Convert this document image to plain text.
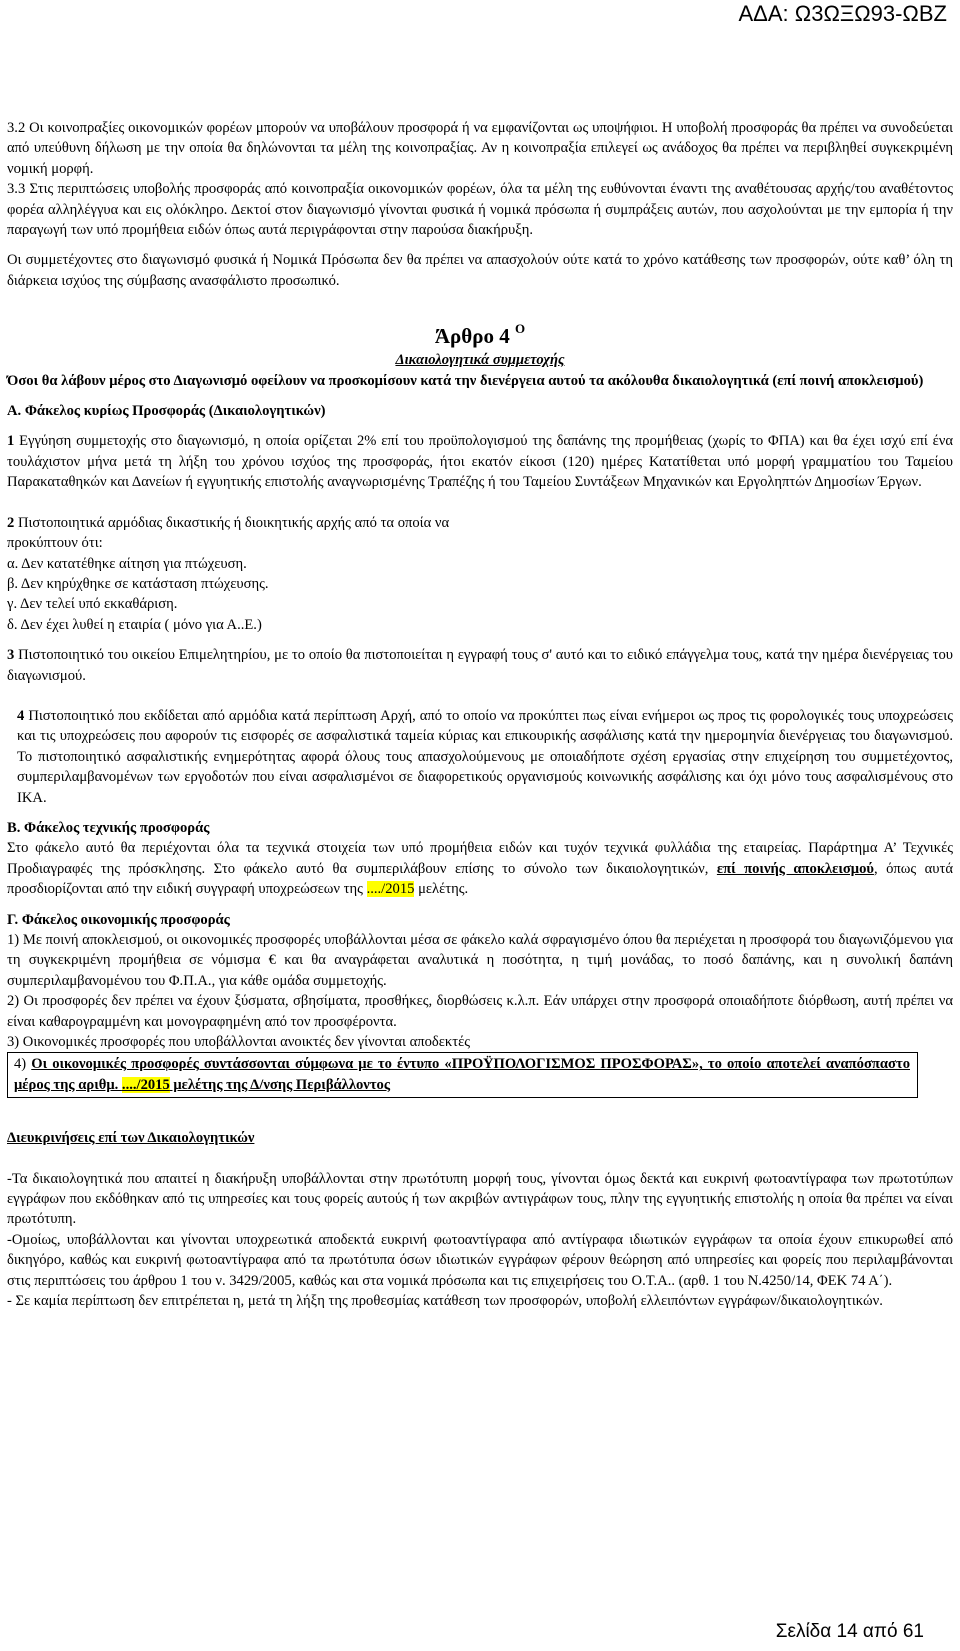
ΑΔΑ: Ω3ΩΞΩ93-ΩΒΖ

3.2 Οι κοινοπραξίες οικονομικών φορέων μπορούν να υποβάλουν προσφορά ή να εμφανίζονται ως υποψήφιοι. Η υποβολή προσφοράς θα πρέπει να συνοδεύεται από υπεύθυνη δήλωση με την οποία θα δηλώνονται τα μέλη της κοινοπραξίας. Αν η κοινοπραξία επιλεγεί ως ανάδοχος θα πρέπει να περιβληθεί συγκεκριμένη νομική μορφή.

3.3 Στις περιπτώσεις υποβολής προσφοράς από κοινοπραξία οικονομικών φορέων, όλα τα μέλη της ευθύνονται έναντι της αναθέτουσας αρχής/του αναθέτοντος φορέα αλληλέγγυα και εις ολόκληρο. Δεκτοί στον διαγωνισμό γίνονται φυσικά ή νομικά πρόσωπα ή συμπράξεις αυτών, που ασχολούνται με την εμπορία ή την παραγωγή των υπό προμήθεια ειδών όπως αυτά περιγράφονται στην παρούσα διακήρυξη.

Οι συμμετέχοντες στο διαγωνισμό φυσικά ή Νομικά Πρόσωπα δεν θα πρέπει να απασχολούν ούτε κατά το χρόνο κατάθεσης των προσφορών, ούτε καθ’ όλη τη διάρκεια ισχύος της σύμβασης ανασφάλιστο προσωπικό.

Άρθρο 4 $^O$
Δικαιολογητικά συμμετοχής

Όσοι θα λάβουν μέρος στο Διαγωνισμό οφείλουν να προσκομίσουν κατά την διενέργεια αυτού τα ακόλουθα δικαιολογητικά (επί ποινή αποκλεισμού)

Α. Φάκελος κυρίως Προσφοράς (Δικαιολογητικών)

1 Εγγύηση συμμετοχής στο διαγωνισμό, η οποία ορίζεται 2% επί του προϋπολογισμού της δαπάνης της προμήθειας (χωρίς το ΦΠΑ) και θα έχει ισχύ επί ένα τουλάχιστον μήνα μετά τη λήξη του χρόνου ισχύος της προσφοράς, ήτοι εκατόν είκοσι (120) ημέρες Κατατίθεται υπό μορφή γραμματίου του Ταμείου Παρακαταθηκών και Δανείων ή εγγυητικής επιστολής αναγνωρισμένης Τραπέζης ή του Ταμείου Συντάξεων Μηχανικών και Εργοληπτών Δημοσίων Έργων.

2 Πιστοποιητικά αρμόδιας δικαστικής ή διοικητικής αρχής από τα οποία να

προκύπτουν ότι:

α. Δεν κατατέθηκε αίτηση για πτώχευση.

β. Δεν κηρύχθηκε σε κατάσταση πτώχευσης.

γ. Δεν τελεί υπό εκκαθάριση.

δ. Δεν έχει λυθεί η εταιρία ( μόνο για Α..Ε.)

3 Πιστοποιητικό του οικείου Επιμελητηρίου, με το οποίο θα πιστοποιείται η εγγραφή τους σ' αυτό και το ειδικό επάγγελμα τους, κατά την ημέρα διενέργειας του διαγωνισμού.

4 Πιστοποιητικό που εκδίδεται από αρμόδια κατά περίπτωση Αρχή, από το οποίο να προκύπτει πως είναι ενήμεροι ως προς τις φορολογικές τους υποχρεώσεις και τις υποχρεώσεις που αφορούν τις εισφορές σε ασφαλιστικά ταμεία κύριας και επικουρικής ασφάλισης κατά την ημερομηνία διενέργειας του διαγωνισμού. Το πιστοποιητικό ασφαλιστικής ενημερότητας αφορά όλους τους απασχολούμενους με οποιαδήποτε σχέση εργασίας στην επιχείρηση του συμμετέχοντος, συμπεριλαμβανομένων των εργοδοτών που είναι ασφαλισμένοι σε διαφορετικούς οργανισμούς κοινωνικής ασφάλισης και όχι μόνο τους ασφαλισμένους στο ΙΚΑ.

Β. Φάκελος τεχνικής προσφοράς

Στο φάκελο αυτό θα περιέχονται όλα τα τεχνικά στοιχεία των υπό προμήθεια ειδών και τυχόν τεχνικά φυλλάδια της εταιρείας. Παράρτημα Α’ Τεχνικές Προδιαγραφές της πρόσκλησης. Στο φάκελο αυτό θα συμπεριλάβουν επίσης το σύνολο των δικαιολογητικών, επί ποινής αποκλεισμού, όπως αυτά προσδιορίζονται από την ειδική συγγραφή υποχρεώσεων της ..../2015 μελέτης.

Γ. Φάκελος οικονομικής προσφοράς

1) Με ποινή αποκλεισμού, οι οικονομικές προσφορές υποβάλλονται μέσα σε φάκελο καλά σφραγισμένο όπου θα περιέχεται η προσφορά του διαγωνιζόμενου για τη συγκεκριμένη προμήθεια σε νόμισμα € και θα αναγράφεται αναλυτικά η ποσότητα, η τιμή μονάδας, το ποσό δαπάνης, και η συνολική δαπάνη συμπεριλαμβανομένου του Φ.Π.Α., για κάθε ομάδα συμμετοχής.

2) Οι προσφορές δεν πρέπει να έχουν ξύσματα, σβησίματα, προσθήκες, διορθώσεις κ.λ.π. Εάν υπάρχει στην προσφορά οποιαδήποτε διόρθωση, αυτή πρέπει να είναι καθαρογραμμένη και μονογραφημένη από τον προσφέροντα.

3) Οικονομικές προσφορές που υποβάλλονται ανοικτές δεν γίνονται αποδεκτές

4) Οι οικονομικές προσφορές συντάσσονται σύμφωνα με το έντυπο «ΠΡΟΫΠΟΛΟΓΙΣΜΟΣ ΠΡΟΣΦΟΡΑΣ», το οποίο αποτελεί αναπόσπαστο μέρος της αριθμ. ..../2015 μελέτης της Δ/νσης Περιβάλλοντος

Διευκρινήσεις επί των Δικαιολογητικών

-Τα δικαιολογητικά που απαιτεί η διακήρυξη υποβάλλονται στην πρωτότυπη μορφή τους, γίνονται όμως δεκτά και ευκρινή φωτοαντίγραφα των πρωτοτύπων εγγράφων που εκδόθηκαν από τις υπηρεσίες και τους φορείς αυτούς ή των ακριβών αντιγράφων τους, πλην της εγγυητικής επιστολής η οποία θα πρέπει να είναι πρωτότυπη.

-Ομοίως, υποβάλλονται και γίνονται υποχρεωτικά αποδεκτά ευκρινή φωτοαντίγραφα από αντίγραφα ιδιωτικών εγγράφων τα οποία έχουν επικυρωθεί από δικηγόρο, καθώς και ευκρινή φωτοαντίγραφα από τα πρωτότυπα όσων ιδιωτικών εγγράφων φέρουν θεώρηση από υπηρεσίες και φορείς που περιλαμβάνονται στις περιπτώσεις του άρθρου 1 του ν. 3429/2005, καθώς και στα νομικά πρόσωπα και τις επιχειρήσεις του Ο.Τ.Α.. (αρθ. 1 του Ν.4250/14, ΦΕΚ 74 Α΄).

- Σε καμία περίπτωση δεν επιτρέπεται η, μετά τη λήξη της προθεσμίας κατάθεση των προσφορών, υποβολή ελλειπόντων εγγράφων/δικαιολογητικών.

Σελίδα 14 από 61
